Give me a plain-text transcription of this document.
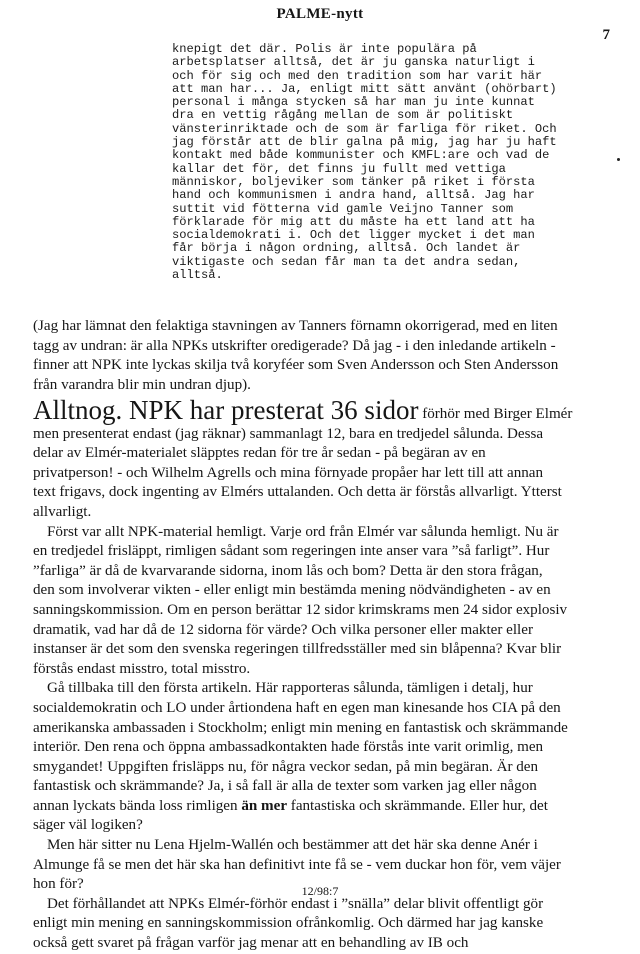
PALME-nytt
7
knepigt det där. Polis är inte populära på
arbetsplatser alltså, det är ju ganska naturligt i
och för sig och med den tradition som har varit här
att man har... Ja, enligt mitt sätt använt (ohörbart)
personal i många stycken så har man ju inte kunnat
dra en vettig rågång mellan de som är politiskt
vänsterinriktade och de som är farliga för riket. Och
jag förstår att de blir galna på mig, jag har ju haft
kontakt med både kommunister och KMFL:are och vad de
kallar det för, det finns ju fullt med vettiga
människor, boljeviker som tänker på riket i första
hand och kommunismen i andra hand, alltså. Jag har
suttit vid fötterna vid gamle Veijno Tanner som
förklarade för mig att du måste ha ett land att ha
socialdemokrati i. Och det ligger mycket i det man
får börja i någon ordning, alltså. Och landet är
viktigaste och sedan får man ta det andra sedan,
alltså.
(Jag har lämnat den felaktiga stavningen av Tanners förnamn okorrigerad, med en liten
tagg av undran: är alla NPKs utskrifter oredigerade? Då jag - i den inledande artikeln -
finner att NPK inte lyckas skilja två koryféer som Sven Andersson och Sten Andersson
från varandra blir min undran djup).
Alltnog. NPK har presterat 36 sidor förhör med Birger Elmér
men presenterat endast (jag räknar) sammanlagt 12, bara en tredjedel sålunda. Dessa
delar av Elmér-materialet släpptes redan för tre år sedan - på begäran av en
privatperson! - och Wilhelm Agrells och mina förnyade propåer har lett till att annan
text frigavs, dock ingenting av Elmérs uttalanden. Och detta är förstås allvarligt. Ytterst
allvarligt.
Först var allt NPK-material hemligt. Varje ord från Elmér var sålunda hemligt. Nu är
en tredjedel frisläppt, rimligen sådant som regeringen inte anser vara ”så farligt”. Hur
”farliga” är då de kvarvarande sidorna, inom lås och bom? Detta är den stora frågan,
den som involverar vikten - eller enligt min bestämda mening nödvändigheten - av en
sanningskommission. Om en person berättar 12 sidor krimskrams men 24 sidor explosiv
dramatik, vad har då de 12 sidorna för värde? Och vilka personer eller makter eller
instanser är det som den svenska regeringen tillfredsställer med sin blåpenna? Kvar blir
förstås endast misstro, total misstro.
Gå tillbaka till den första artikeln. Här rapporteras sålunda, tämligen i detalj, hur
socialdemokratin och LO under årtiondena haft en egen man kinesande hos CIA på den
amerikanska ambassaden i Stockholm; enligt min mening en fantastisk och skrämmande
interiör. Den rena och öppna ambassadkontakten hade förstås inte varit orimlig, men
smygandet! Uppgiften frisläpps nu, för några veckor sedan, på min begäran. Är den
fantastisk och skrämmande? Ja, i så fall är alla de texter som varken jag eller någon
annan lyckats bända loss rimligen än mer fantastiska och skrämmande. Eller hur, det
säger väl logiken?
Men här sitter nu Lena Hjelm-Wallén och bestämmer att det här ska denne Anér i
Almunge få se men det här ska han definitivt inte få se - vem duckar hon för, vem väjer
hon för?
Det förhållandet att NPKs Elmér-förhör endast i ”snälla” delar blivit offentligt gör
enligt min mening en sanningskommission ofrånkomlig. Och därmed har jag kanske
också gett svaret på frågan varför jag menar att en behandling av IB och
12/98:7
